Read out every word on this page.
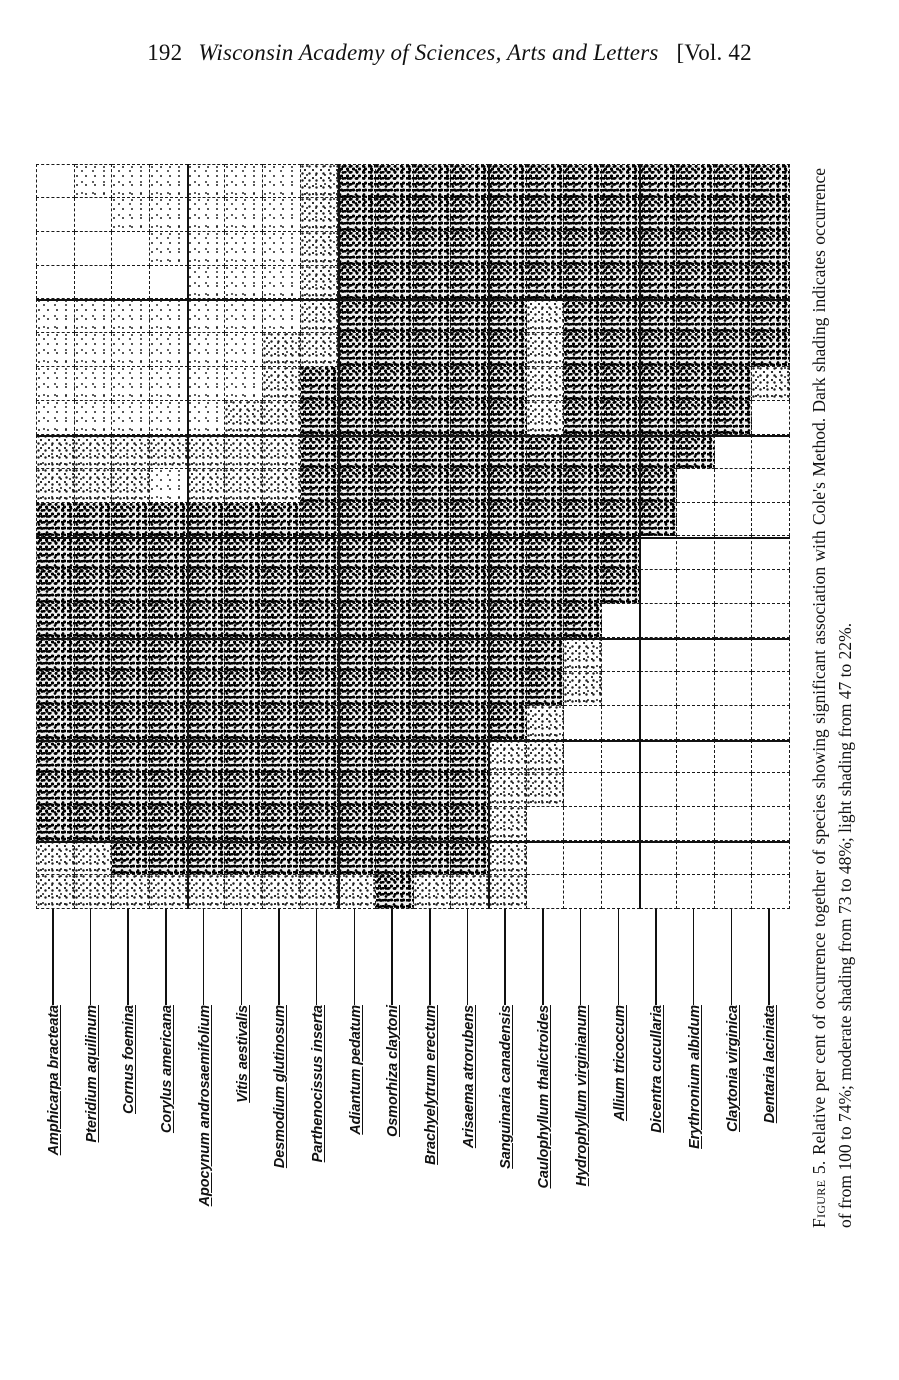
192 Wisconsin Academy of Sciences, Arts and Letters [Vol. 42
Amphicarpa bracteata Pteridium aquilinum Cornus foemina Corylus americana Apocynum androsaemifolium Vitis aestivalis Desmodium glutinosum Parthenocissus inserta Adiantum pedatum Osmorhiza claytoni Brachyelytrum erectum Arisaema atrorubens Sanguinaria canadensis Caulophyllum thalictroides Hydrophyllum virginianum Allium tricoccum Dicentra cucullaria Erythronium albidum Claytonia virginica Dentaria laciniata
Figure 5. Relative per cent of occurrence together of species showing significant association with Cole's Method. Dark shading indicates occurrence of from 100 to 74%; moderate shading from 73 to 48%; light shading from 47 to 22%.
